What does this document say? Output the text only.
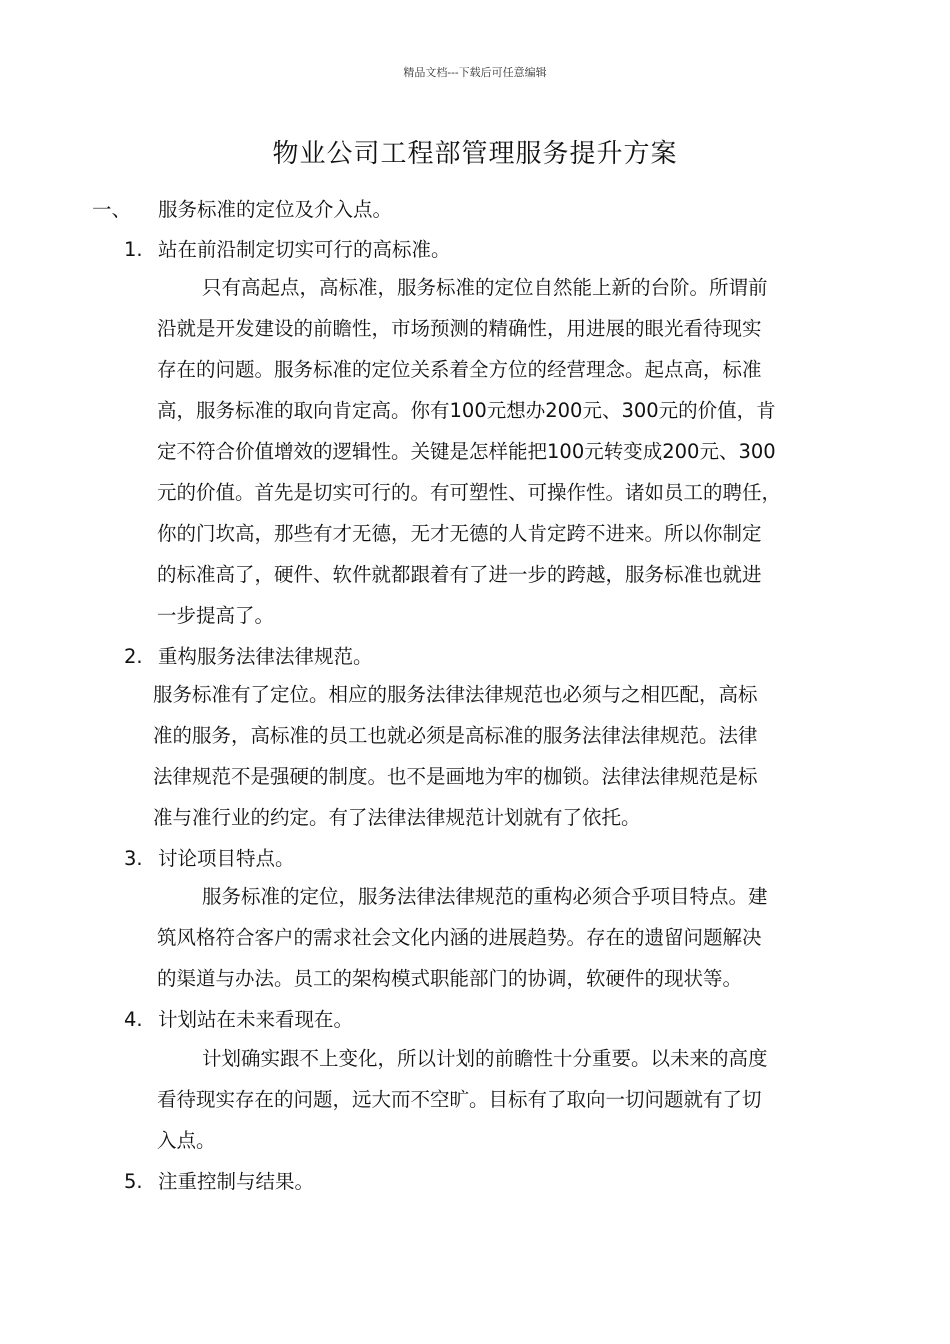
精品文档---下载后可任意编辑
物业公司工程部管理服务提升方案
一、 服务标准的定位及介入点。
1. 站在前沿制定切实可行的高标准。
只有高起点，高标准，服务标准的定位自然能上新的台阶。所谓前
沿就是开发建设的前瞻性，市场预测的精确性，用进展的眼光看待现实
存在的问题。服务标准的定位关系着全方位的经营理念。起点高，标准
高，服务标准的取向肯定高。你有100元想办200元、300元的价值，肯
定不符合价值增效的逻辑性。关键是怎样能把100元转变成200元、300
元的价值。首先是切实可行的。有可塑性、可操作性。诸如员工的聘任，
你的门坎高，那些有才无德，无才无德的人肯定跨不进来。所以你制定
的标准高了，硬件、软件就都跟着有了进一步的跨越，服务标准也就进
一步提高了。
2. 重构服务法律法律规范。
服务标准有了定位。相应的服务法律法律规范也必须与之相匹配，高标
准的服务，高标准的员工也就必须是高标准的服务法律法律规范。法律
法律规范不是强硬的制度。也不是画地为牢的枷锁。法律法律规范是标
准与准行业的约定。有了法律法律规范计划就有了依托。
3. 讨论项目特点。
服务标准的定位，服务法律法律规范的重构必须合乎项目特点。建
筑风格符合客户的需求社会文化内涵的进展趋势。存在的遗留问题解决
的渠道与办法。员工的架构模式职能部门的协调，软硬件的现状等。
4. 计划站在未来看现在。
计划确实跟不上变化，所以计划的前瞻性十分重要。以未来的高度
看待现实存在的问题，远大而不空旷。目标有了取向一切问题就有了切
入点。
5. 注重控制与结果。
